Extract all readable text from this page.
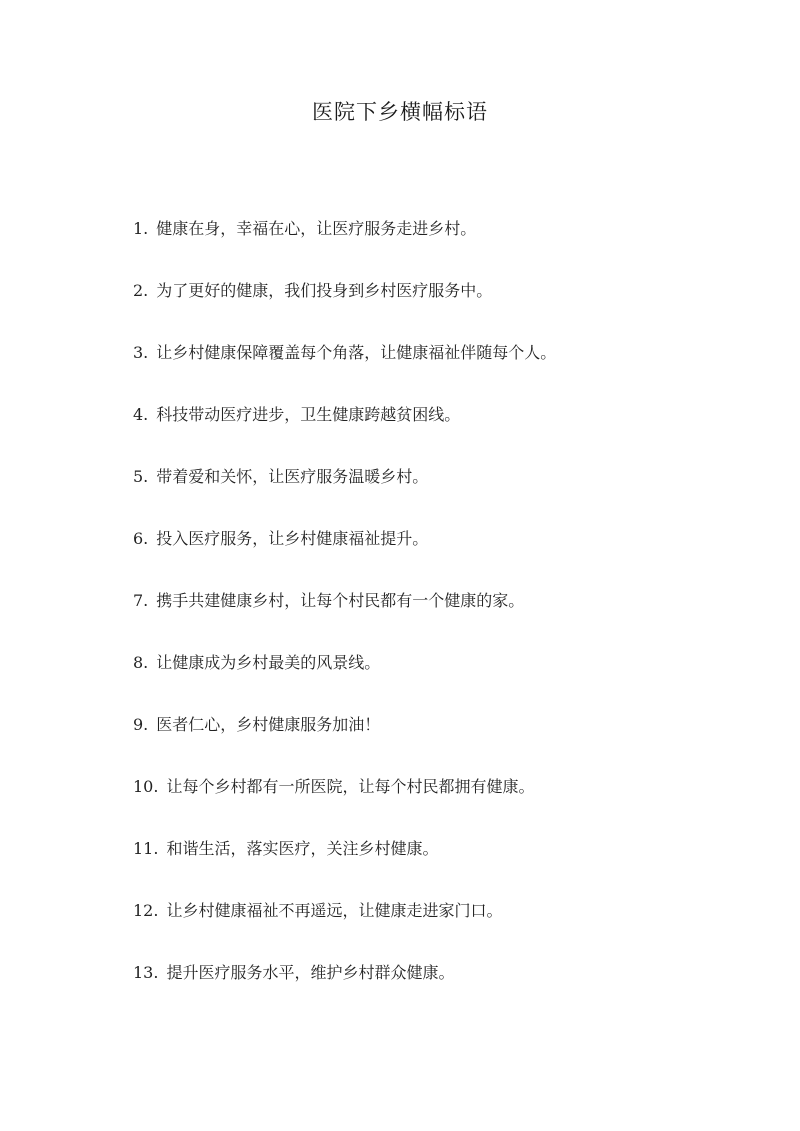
医院下乡横幅标语
1. 健康在身，幸福在心，让医疗服务走进乡村。
2. 为了更好的健康，我们投身到乡村医疗服务中。
3. 让乡村健康保障覆盖每个角落，让健康福祉伴随每个人。
4. 科技带动医疗进步，卫生健康跨越贫困线。
5. 带着爱和关怀，让医疗服务温暖乡村。
6. 投入医疗服务，让乡村健康福祉提升。
7. 携手共建健康乡村，让每个村民都有一个健康的家。
8. 让健康成为乡村最美的风景线。
9. 医者仁心，乡村健康服务加油！
10. 让每个乡村都有一所医院，让每个村民都拥有健康。
11. 和谐生活，落实医疗，关注乡村健康。
12. 让乡村健康福祉不再遥远，让健康走进家门口。
13. 提升医疗服务水平，维护乡村群众健康。
